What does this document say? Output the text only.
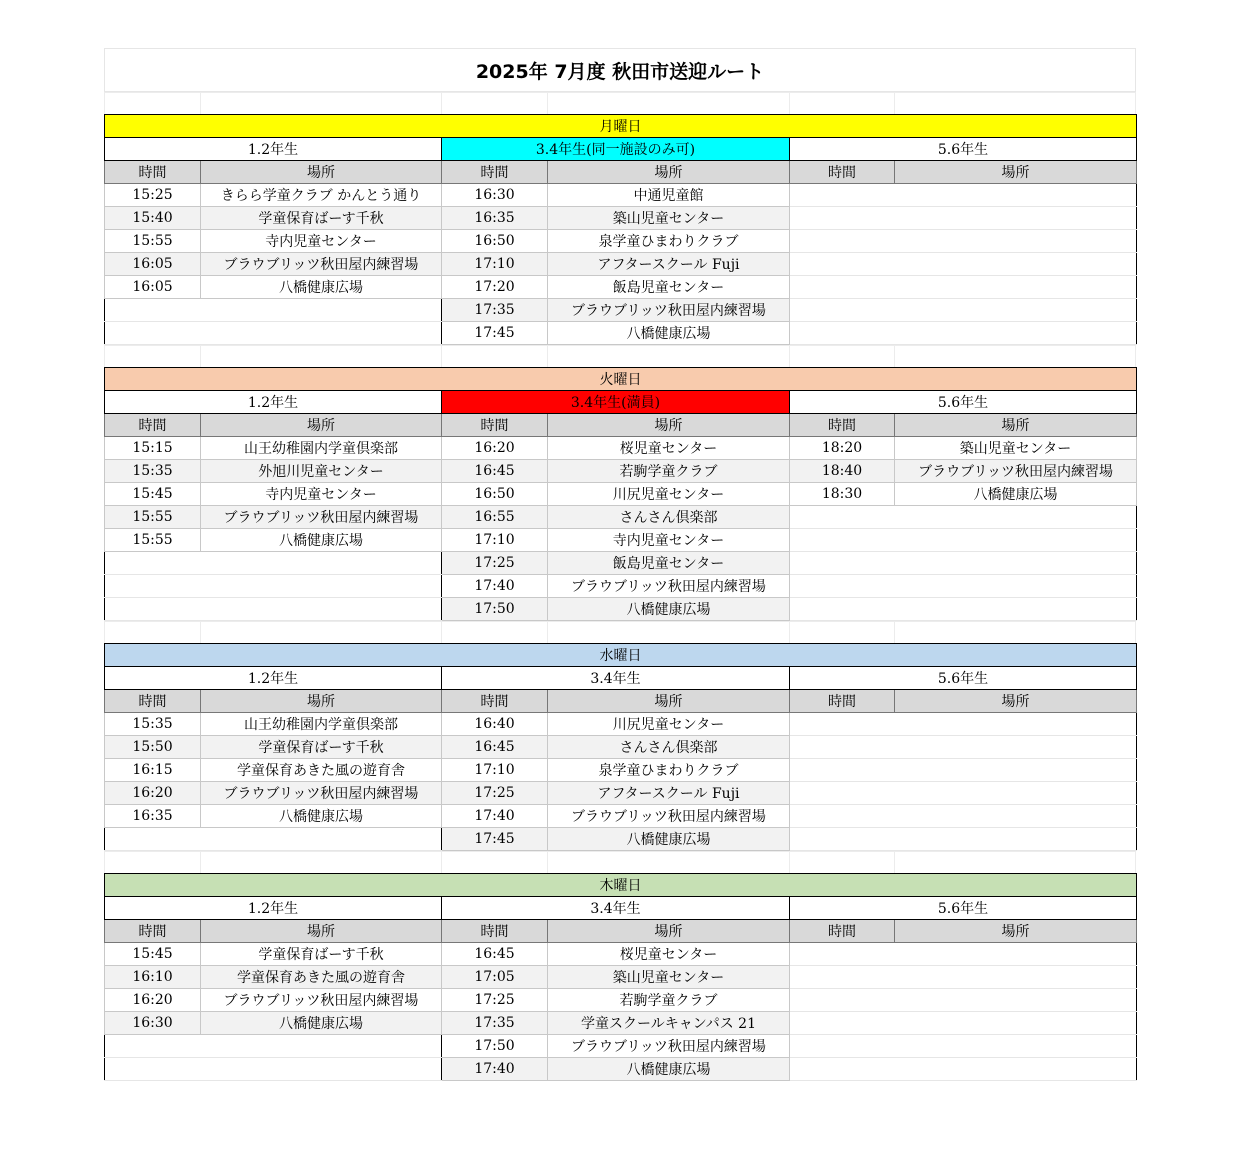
2025年 7月度 秋田市送迎ルート
月曜日					
1.2年生		3.4年生(同一施設のみ可)		5.6年生	
時間	場所	時間	場所	時間	場所
15:25	きらら学童クラブ かんとう通り	16:30	中通児童館		
15:40	学童保育ばーす千秋	16:35	築山児童センター		
15:55	寺内児童センター	16:50	泉学童ひまわりクラブ		
16:05	ブラウブリッツ秋田屋内練習場	17:10	アフタースクール Fuji		
16:05	八橋健康広場	17:20	飯島児童センター		
		17:35	ブラウブリッツ秋田屋内練習場		
		17:45	八橋健康広場		
火曜日					
1.2年生		3.4年生(満員)		5.6年生	
時間	場所	時間	場所	時間	場所
15:15	山王幼稚園内学童倶楽部	16:20	桜児童センター	18:20	築山児童センター
15:35	外旭川児童センター	16:45	若駒学童クラブ	18:40	ブラウブリッツ秋田屋内練習場
15:45	寺内児童センター	16:50	川尻児童センター	18:30	八橋健康広場
15:55	ブラウブリッツ秋田屋内練習場	16:55	さんさん倶楽部		
15:55	八橋健康広場	17:10	寺内児童センター		
		17:25	飯島児童センター		
		17:40	ブラウブリッツ秋田屋内練習場		
		17:50	八橋健康広場		
水曜日					
1.2年生		3.4年生		5.6年生	
時間	場所	時間	場所	時間	場所
15:35	山王幼稚園内学童倶楽部	16:40	川尻児童センター		
15:50	学童保育ばーす千秋	16:45	さんさん倶楽部		
16:15	学童保育あきた風の遊育舎	17:10	泉学童ひまわりクラブ		
16:20	ブラウブリッツ秋田屋内練習場	17:25	アフタースクール Fuji		
16:35	八橋健康広場	17:40	ブラウブリッツ秋田屋内練習場		
		17:45	八橋健康広場		
木曜日					
1.2年生		3.4年生		5.6年生	
時間	場所	時間	場所	時間	場所
15:45	学童保育ばーす千秋	16:45	桜児童センター		
16:10	学童保育あきた風の遊育舎	17:05	築山児童センター		
16:20	ブラウブリッツ秋田屋内練習場	17:25	若駒学童クラブ		
16:30	八橋健康広場	17:35	学童スクールキャンパス 21		
		17:50	ブラウブリッツ秋田屋内練習場		
		17:40	八橋健康広場		
